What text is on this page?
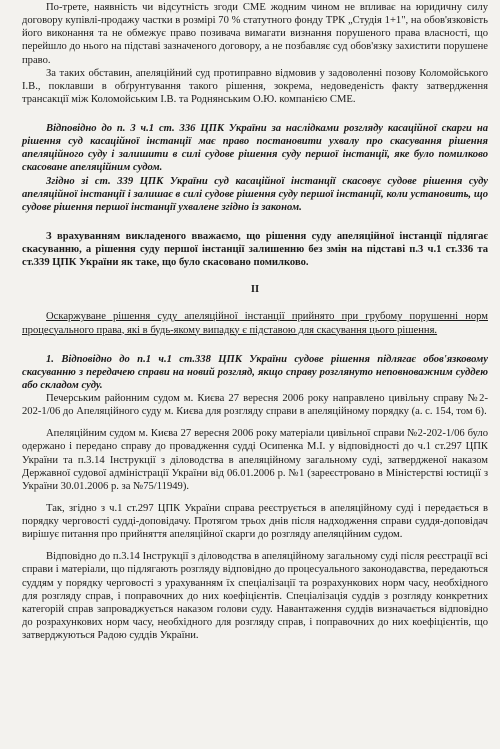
По-трете, наявність чи відсутність згоди СМЕ жодним чином не впливає на юридичну силу договору купівлі-продажу частки в розмірі 70 % статутного фонду ТРК „Студія 1+1", на обов'язковість його виконання та не обмежує право позивача вимагати визнання порушеного права власності, що перейшло до нього на підставі зазначеного договору, а не позбавляє суд обов'язку захистити порушене право.

За таких обставин, апеляційний суд протиправно відмовив у задоволенні позову Коломойського І.В., поклавши в обґрунтування такого рішення, зокрема, недоведеність факту затвердження трансакції між Коломойським І.В. та Роднянським О.Ю. компанією СМЕ.

Відповідно до п. 3 ч.1 ст. 336 ЦПК України за наслідками розгляду касаційної скарги на рішення суд касаційної інстанції має право постановити ухвалу про скасування рішення апеляційного суду і залишити в силі судове рішення суду першої інстанції, яке було помилково скасоване апеляційним судом.

Згідно зі ст. 339 ЦПК України суд касаційної інстанції скасовує судове рішення суду апеляційної інстанції і залишає в силі судове рішення суду першої інстанції, коли установить, що судове рішення першої інстанції ухвалене згідно із законом.

З врахуванням викладеного вважаємо, що рішення суду апеляційної інстанції підлягає скасуванню, а рішення суду першої інстанції залишенню без змін на підставі п.3 ч.1 ст.336 та ст.339 ЦПК України як таке, що було скасовано помилково.

II

Оскаржуване рішення суду апеляційної інстанції прийнято при грубому порушенні норм процесуального права, які в будь-якому випадку є підставою для скасування цього рішення.

1. Відповідно до п.1 ч.1 ст.338 ЦПК України судове рішення підлягає обов'язковому скасуванню з передачею справи на новий розгляд, якщо справу розглянуто неповноважним суддею або складом суду.

Печерським районним судом м. Києва 27 вересня 2006 року направлено цивільну справу №2-202-1/06 до Апеляційного суду м. Києва для розгляду справи в апеляційному порядку (а. с. 154, том 6).

Апеляційним судом м. Києва 27 вересня 2006 року матеріали цивільної справи №2-202-1/06 було одержано і передано справу до провадження судді Осипенка М.І. у відповідності до ч.1 ст.297 ЦПК України та п.3.14 Інструкції з діловодства в апеляційному загальному суді, затвердженої наказом Державної судової адміністрації України від 06.01.2006 р. №1 (зареєстровано в Міністерстві юстиції з України 30.01.2006 р. за №75/11949).

Так, згідно з ч.1 ст.297 ЦПК України справа реєструється в апеляційному суді і передається в порядку черговості судді-доповідачу. Протягом трьох днів після надходження справи суддя-доповідач вирішує питання про прийняття апеляційної скарги до розгляду апеляційним судом.

Відповідно до п.3.14 Інструкції з діловодства в апеляційному загальному суді після реєстрації всі справи і матеріали, що підлягають розгляду відповідно до процесуального законодавства, передаються суддям у порядку черговості з урахуванням їх спеціалізації та розрахункових норм часу, необхідного для розгляду справ, і поправочних до них коефіцієнтів. Спеціалізація суддів з розгляду конкретних категорій справ запроваджується наказом голови суду. Навантаження суддів визначається відповідно до розрахункових норм часу, необхідного для розгляду справ, і поправочних до них коефіцієнтів, що затверджуються Радою суддів України.
